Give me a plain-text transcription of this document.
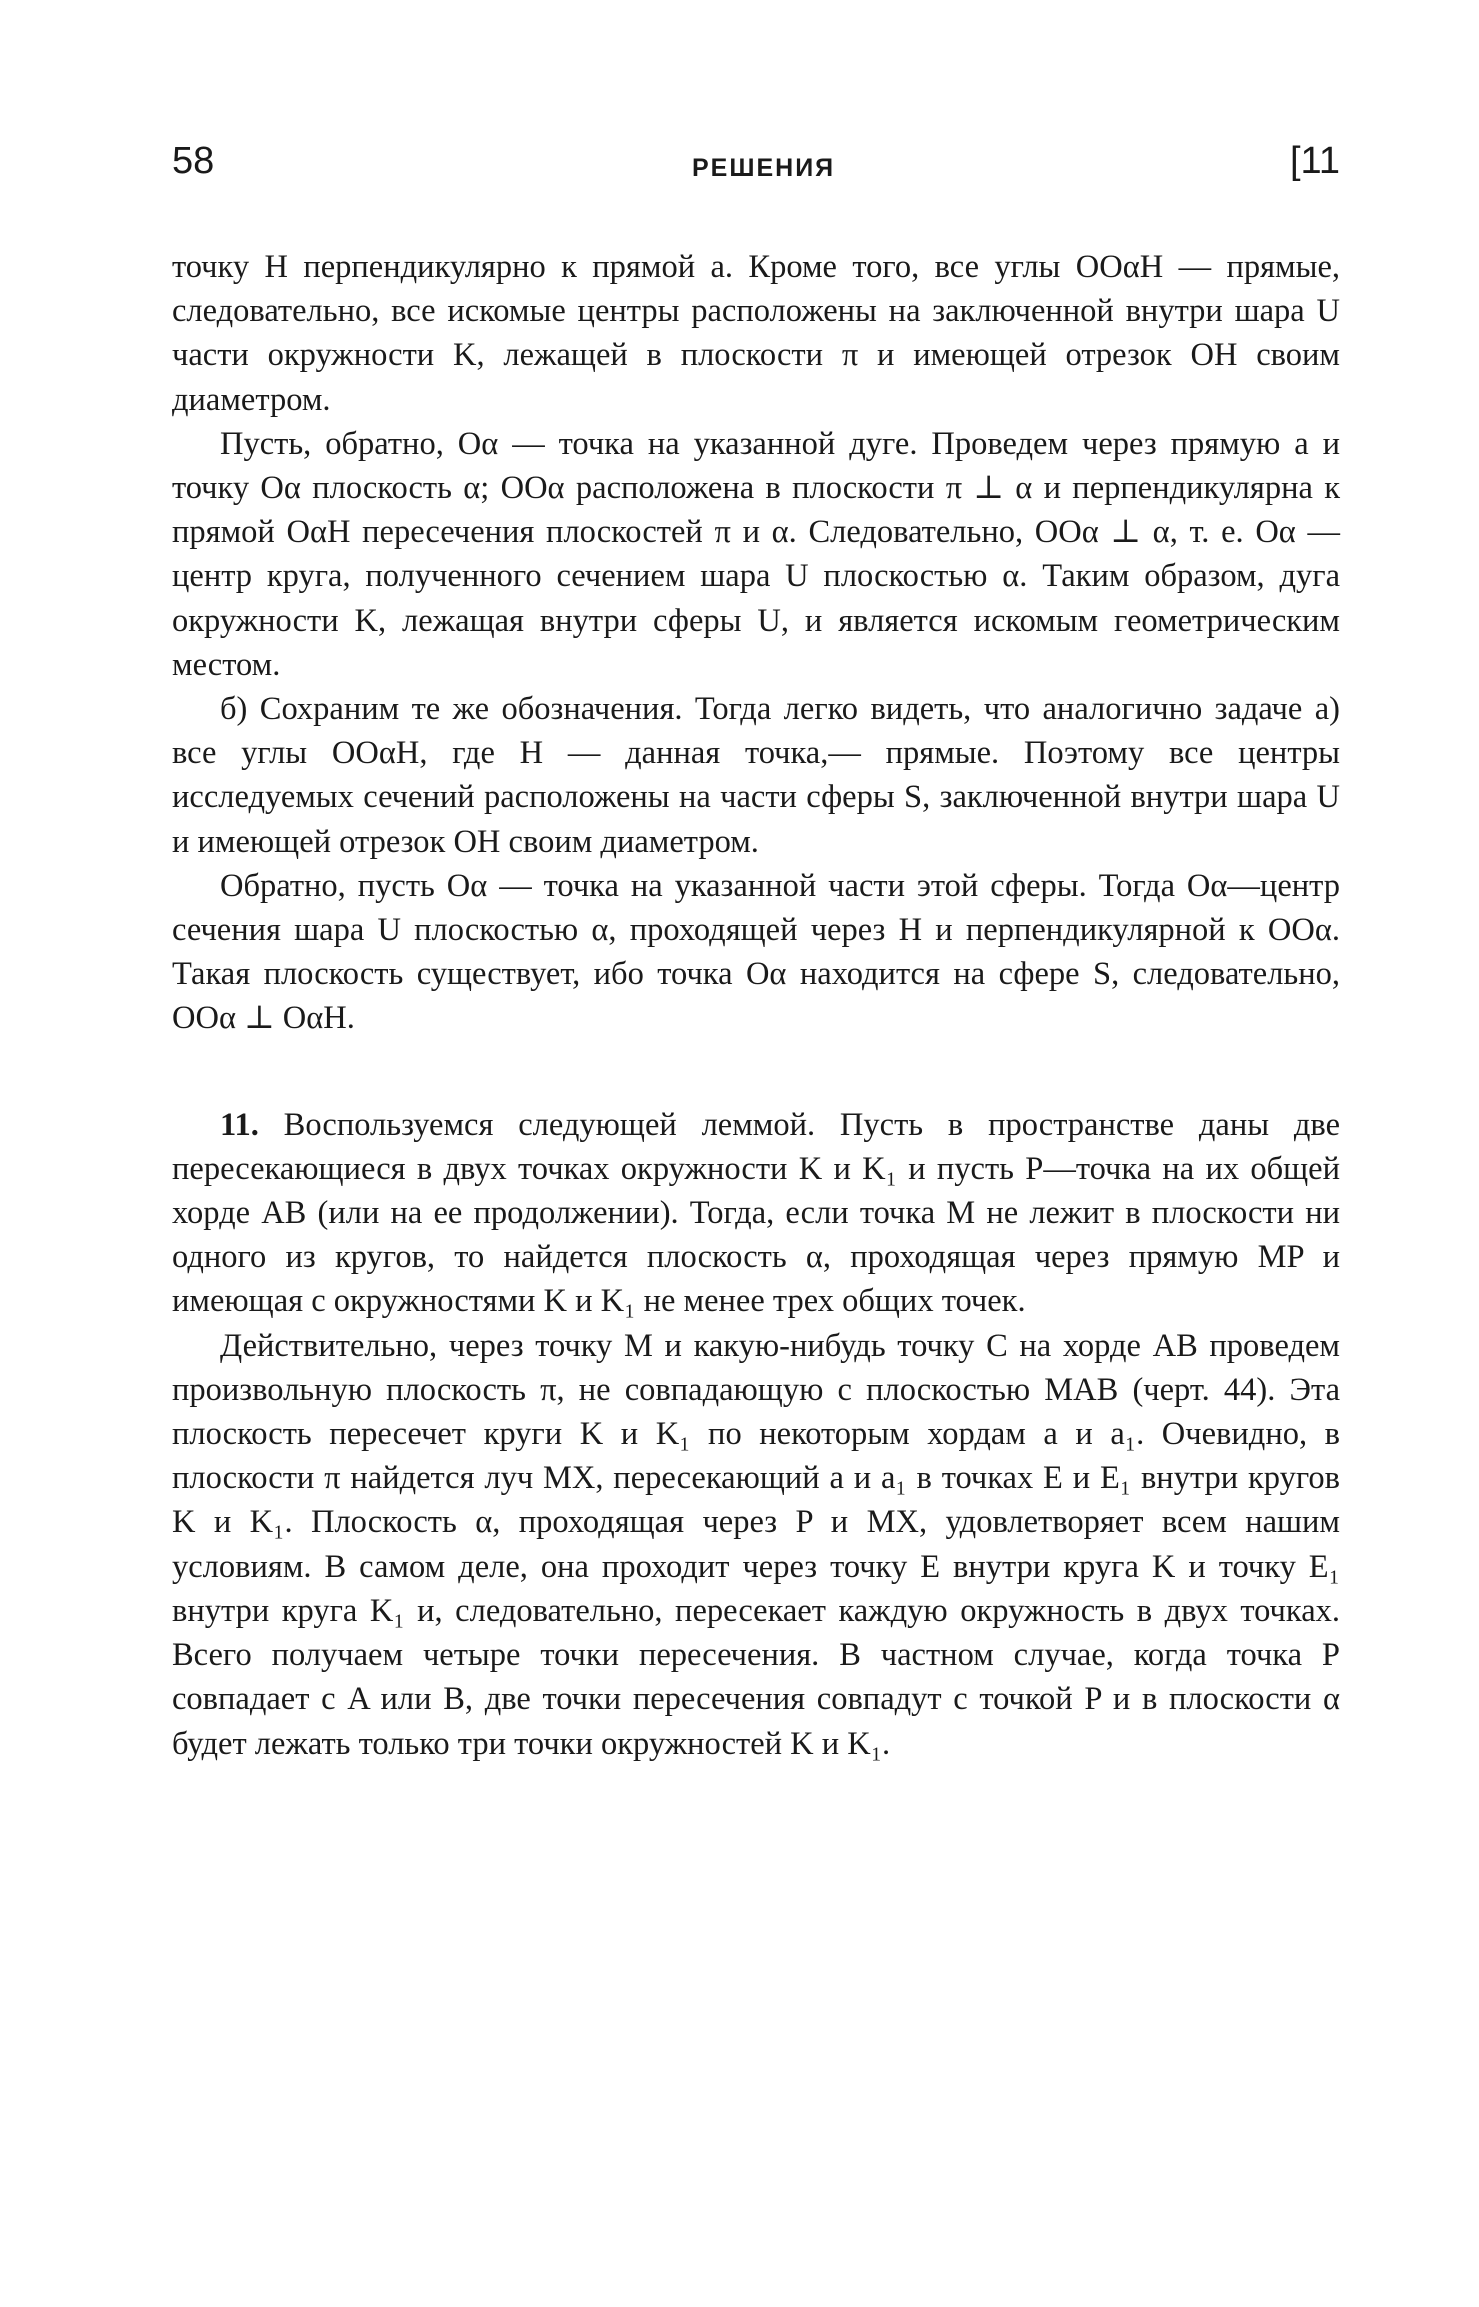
58	РЕШЕНИЯ	[11

точку H перпендикулярно к прямой a. Кроме того, все углы OOαH — прямые, следовательно, все искомые центры расположены на заключенной внутри шара U части окружности K, лежащей в плоскости π и имеющей отрезок OH своим диаметром.

Пусть, обратно, Oα — точка на указанной дуге. Проведем через прямую a и точку Oα плоскость α; OOα расположена в плоскости π ⊥ α и перпендикулярна к прямой OαH пересечения плоскостей π и α. Следовательно, OOα ⊥ α, т. е. Oα — центр круга, полученного сечением шара U плоскостью α. Таким образом, дуга окружности K, лежащая внутри сферы U, и является искомым геометрическим местом.

б) Сохраним те же обозначения. Тогда легко видеть, что аналогично задаче а) все углы OOαH, где H — данная точка,— прямые. Поэтому все центры исследуемых сечений расположены на части сферы S, заключенной внутри шара U и имеющей отрезок OH своим диаметром.

Обратно, пусть Oα — точка на указанной части этой сферы. Тогда Oα—центр сечения шара U плоскостью α, проходящей через H и перпендикулярной к OOα. Такая плоскость существует, ибо точка Oα находится на сфере S, следовательно, OOα ⊥ OαH.

11. Воспользуемся следующей леммой. Пусть в пространстве даны две пересекающиеся в двух точках окружности K и K₁ и пусть P—точка на их общей хорде AB (или на ее продолжении). Тогда, если точка M не лежит в плоскости ни одного из кругов, то найдется плоскость α, проходящая через прямую MP и имеющая с окружностями K и K₁ не менее трех общих точек.

Действительно, через точку M и какую-нибудь точку C на хорде AB проведем произвольную плоскость π, не совпадающую с плоскостью MAB (черт. 44). Эта плоскость пересечет круги K и K₁ по некоторым хордам a и a₁. Очевидно, в плоскости π найдется луч MX, пересекающий a и a₁ в точках E и E₁ внутри кругов K и K₁. Плоскость α, проходящая через P и MX, удовлетворяет всем нашим условиям. В самом деле, она проходит через точку E внутри круга K и точку E₁ внутри круга K₁ и, следовательно, пересекает каждую окружность в двух точках. Всего получаем четыре точки пересечения. В частном случае, когда точка P совпадает с A или B, две точки пересечения совпадут с точкой P и в плоскости α будет лежать только три точки окружностей K и K₁.
